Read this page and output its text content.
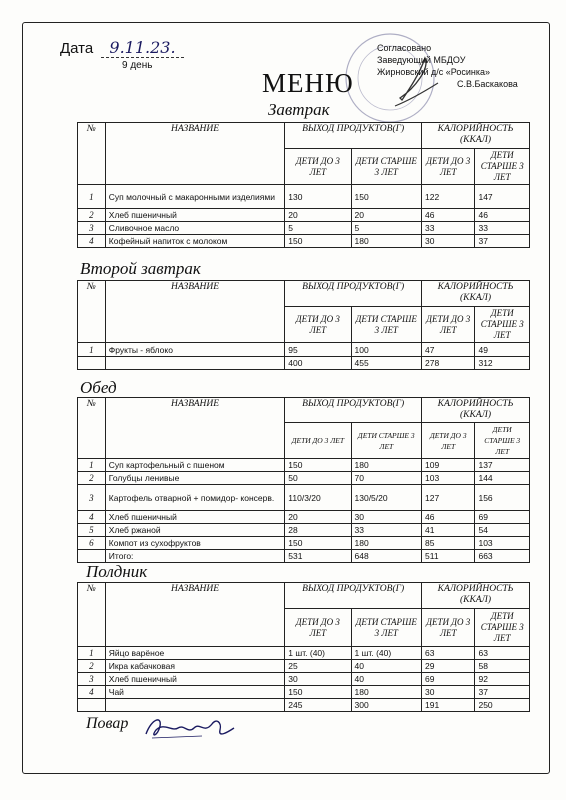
Дата 9.11.23.
9 день
МЕНЮ
Согласовано
Заведующий МБДОУ
Жирновский д/с «Росинка»
С.В.Баскакова
Завтрак
№	НАЗВАНИЕ	ВЫХОД ПРОДУКТОВ(Г)		КАЛОРИЙНОСТЬ (ККАЛ)	
		ДЕТИ ДО 3 ЛЕТ	ДЕТИ СТАРШЕ 3 ЛЕТ	ДЕТИ ДО 3 ЛЕТ	ДЕТИ СТАРШЕ 3 ЛЕТ
1	Суп молочный с макаронными изделиями	130	150	122	147
2	Хлеб пшеничный	20	20	46	46
3	Сливочное масло	5	5	33	33
4	Кофейный напиток с молоком	150	180	30	37
Второй завтрак
№	НАЗВАНИЕ	ВЫХОД ПРОДУКТОВ(Г)		КАЛОРИЙНОСТЬ (ККАЛ)	
		ДЕТИ ДО 3 ЛЕТ	ДЕТИ СТАРШЕ 3 ЛЕТ	ДЕТИ ДО 3 ЛЕТ	ДЕТИ СТАРШЕ 3 ЛЕТ
1	Фрукты - яблоко	95	100	47	49
		400	455	278	312
Обед
№	НАЗВАНИЕ	ВЫХОД ПРОДУКТОВ(Г)		КАЛОРИЙНОСТЬ (ККАЛ)	
		ДЕТИ ДО 3 ЛЕТ	ДЕТИ СТАРШЕ 3 ЛЕТ	ДЕТИ ДО 3 ЛЕТ	ДЕТИ СТАРШЕ 3 ЛЕТ
1	Суп картофельный с пшеном	150	180	109	137
2	Голубцы ленивые	50	70	103	144
3	Картофель отварной + помидор- консерв.	110/3/20	130/5/20	127	156
4	Хлеб пшеничный	20	30	46	69
5	Хлеб ржаной	28	33	41	54
6	Компот из сухофруктов	150	180	85	103
	Итого:	531	648	511	663
Полдник
№	НАЗВАНИЕ	ВЫХОД ПРОДУКТОВ(Г)		КАЛОРИЙНОСТЬ (ККАЛ)	
		ДЕТИ ДО 3 ЛЕТ	ДЕТИ СТАРШЕ 3 ЛЕТ	ДЕТИ ДО 3 ЛЕТ	ДЕТИ СТАРШЕ 3 ЛЕТ
1	Яйцо варёное	1 шт. (40)	1 шт. (40)	63	63
2	Икра кабачковая	25	40	29	58
3	Хлеб пшеничный	30	40	69	92
4	Чай	150	180	30	37
		245	300	191	250
Повар
